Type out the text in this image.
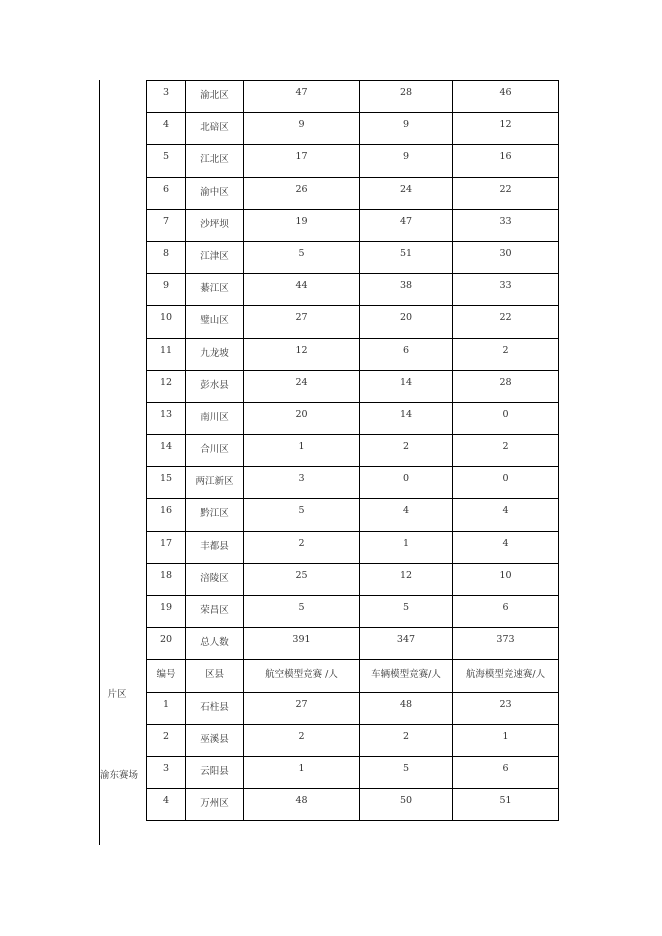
片区
渝东赛场
3	渝北区	47	28	46
4	北碚区	9	9	12
5	江北区	17	9	16
6	渝中区	26	24	22
7	沙坪坝	19	47	33
8	江津区	5	51	30
9	綦江区	44	38	33
10	璧山区	27	20	22
11	九龙坡	12	6	2
12	彭水县	24	14	28
13	南川区	20	14	0
14	合川区	1	2	2
15	两江新区	3	0	0
16	黔江区	5	4	4
17	丰都县	2	1	4
18	涪陵区	25	12	10
19	荣昌区	5	5	6
20	总人数	391	347	373
编号	区县	航空模型竞赛 /人	车辆模型竞赛/人	航海模型竞速赛/人
1	石柱县	27	48	23
2	巫溪县	2	2	1
3	云阳县	1	5	6
4	万州区	48	50	51
